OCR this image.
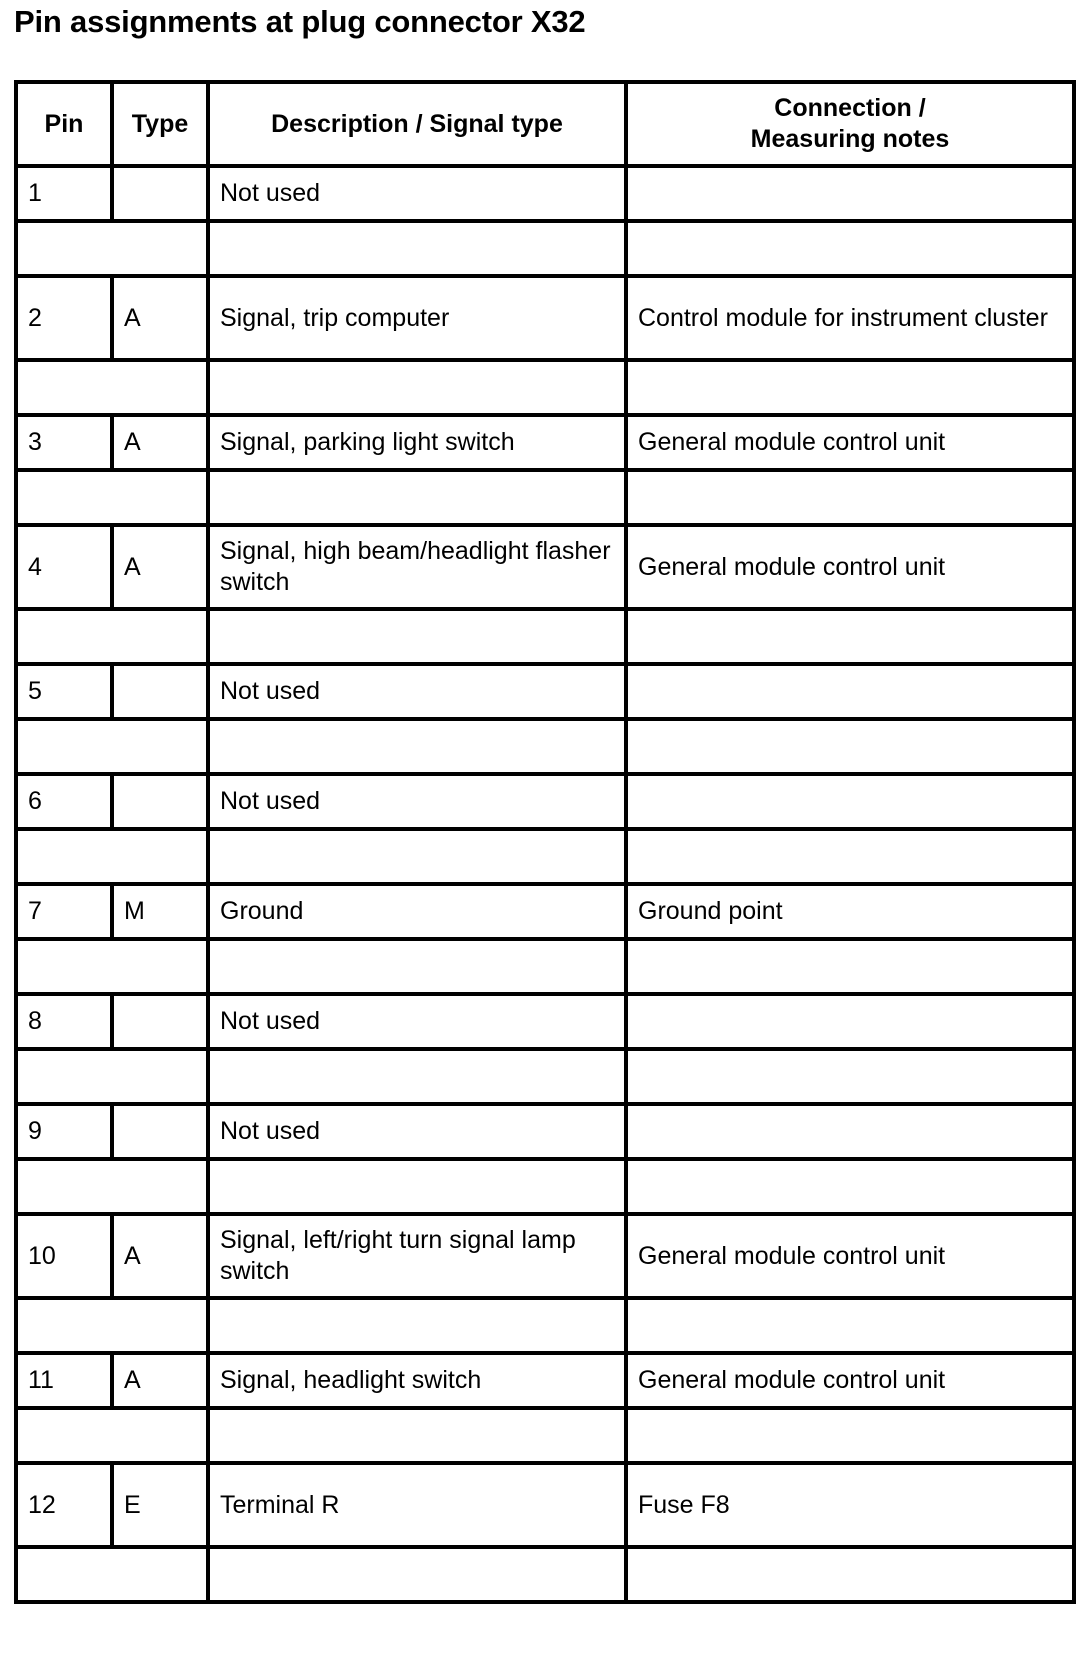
Pin assignments at plug connector X32
Pin	Type	Description / Signal type	Connection /
Measuring notes
1		Not used	

2	A	Signal, trip computer	Control module for instrument cluster

3	A	Signal, parking light switch	General module control unit

4	A	Signal, high beam/headlight flasher switch	General module control unit

5		Not used	

6		Not used	

7	M	Ground	Ground point

8		Not used	

9		Not used	

10	A	Signal, left/right turn signal lamp switch	General module control unit

11	A	Signal, headlight switch	General module control unit

12	E	Terminal R	Fuse F8
